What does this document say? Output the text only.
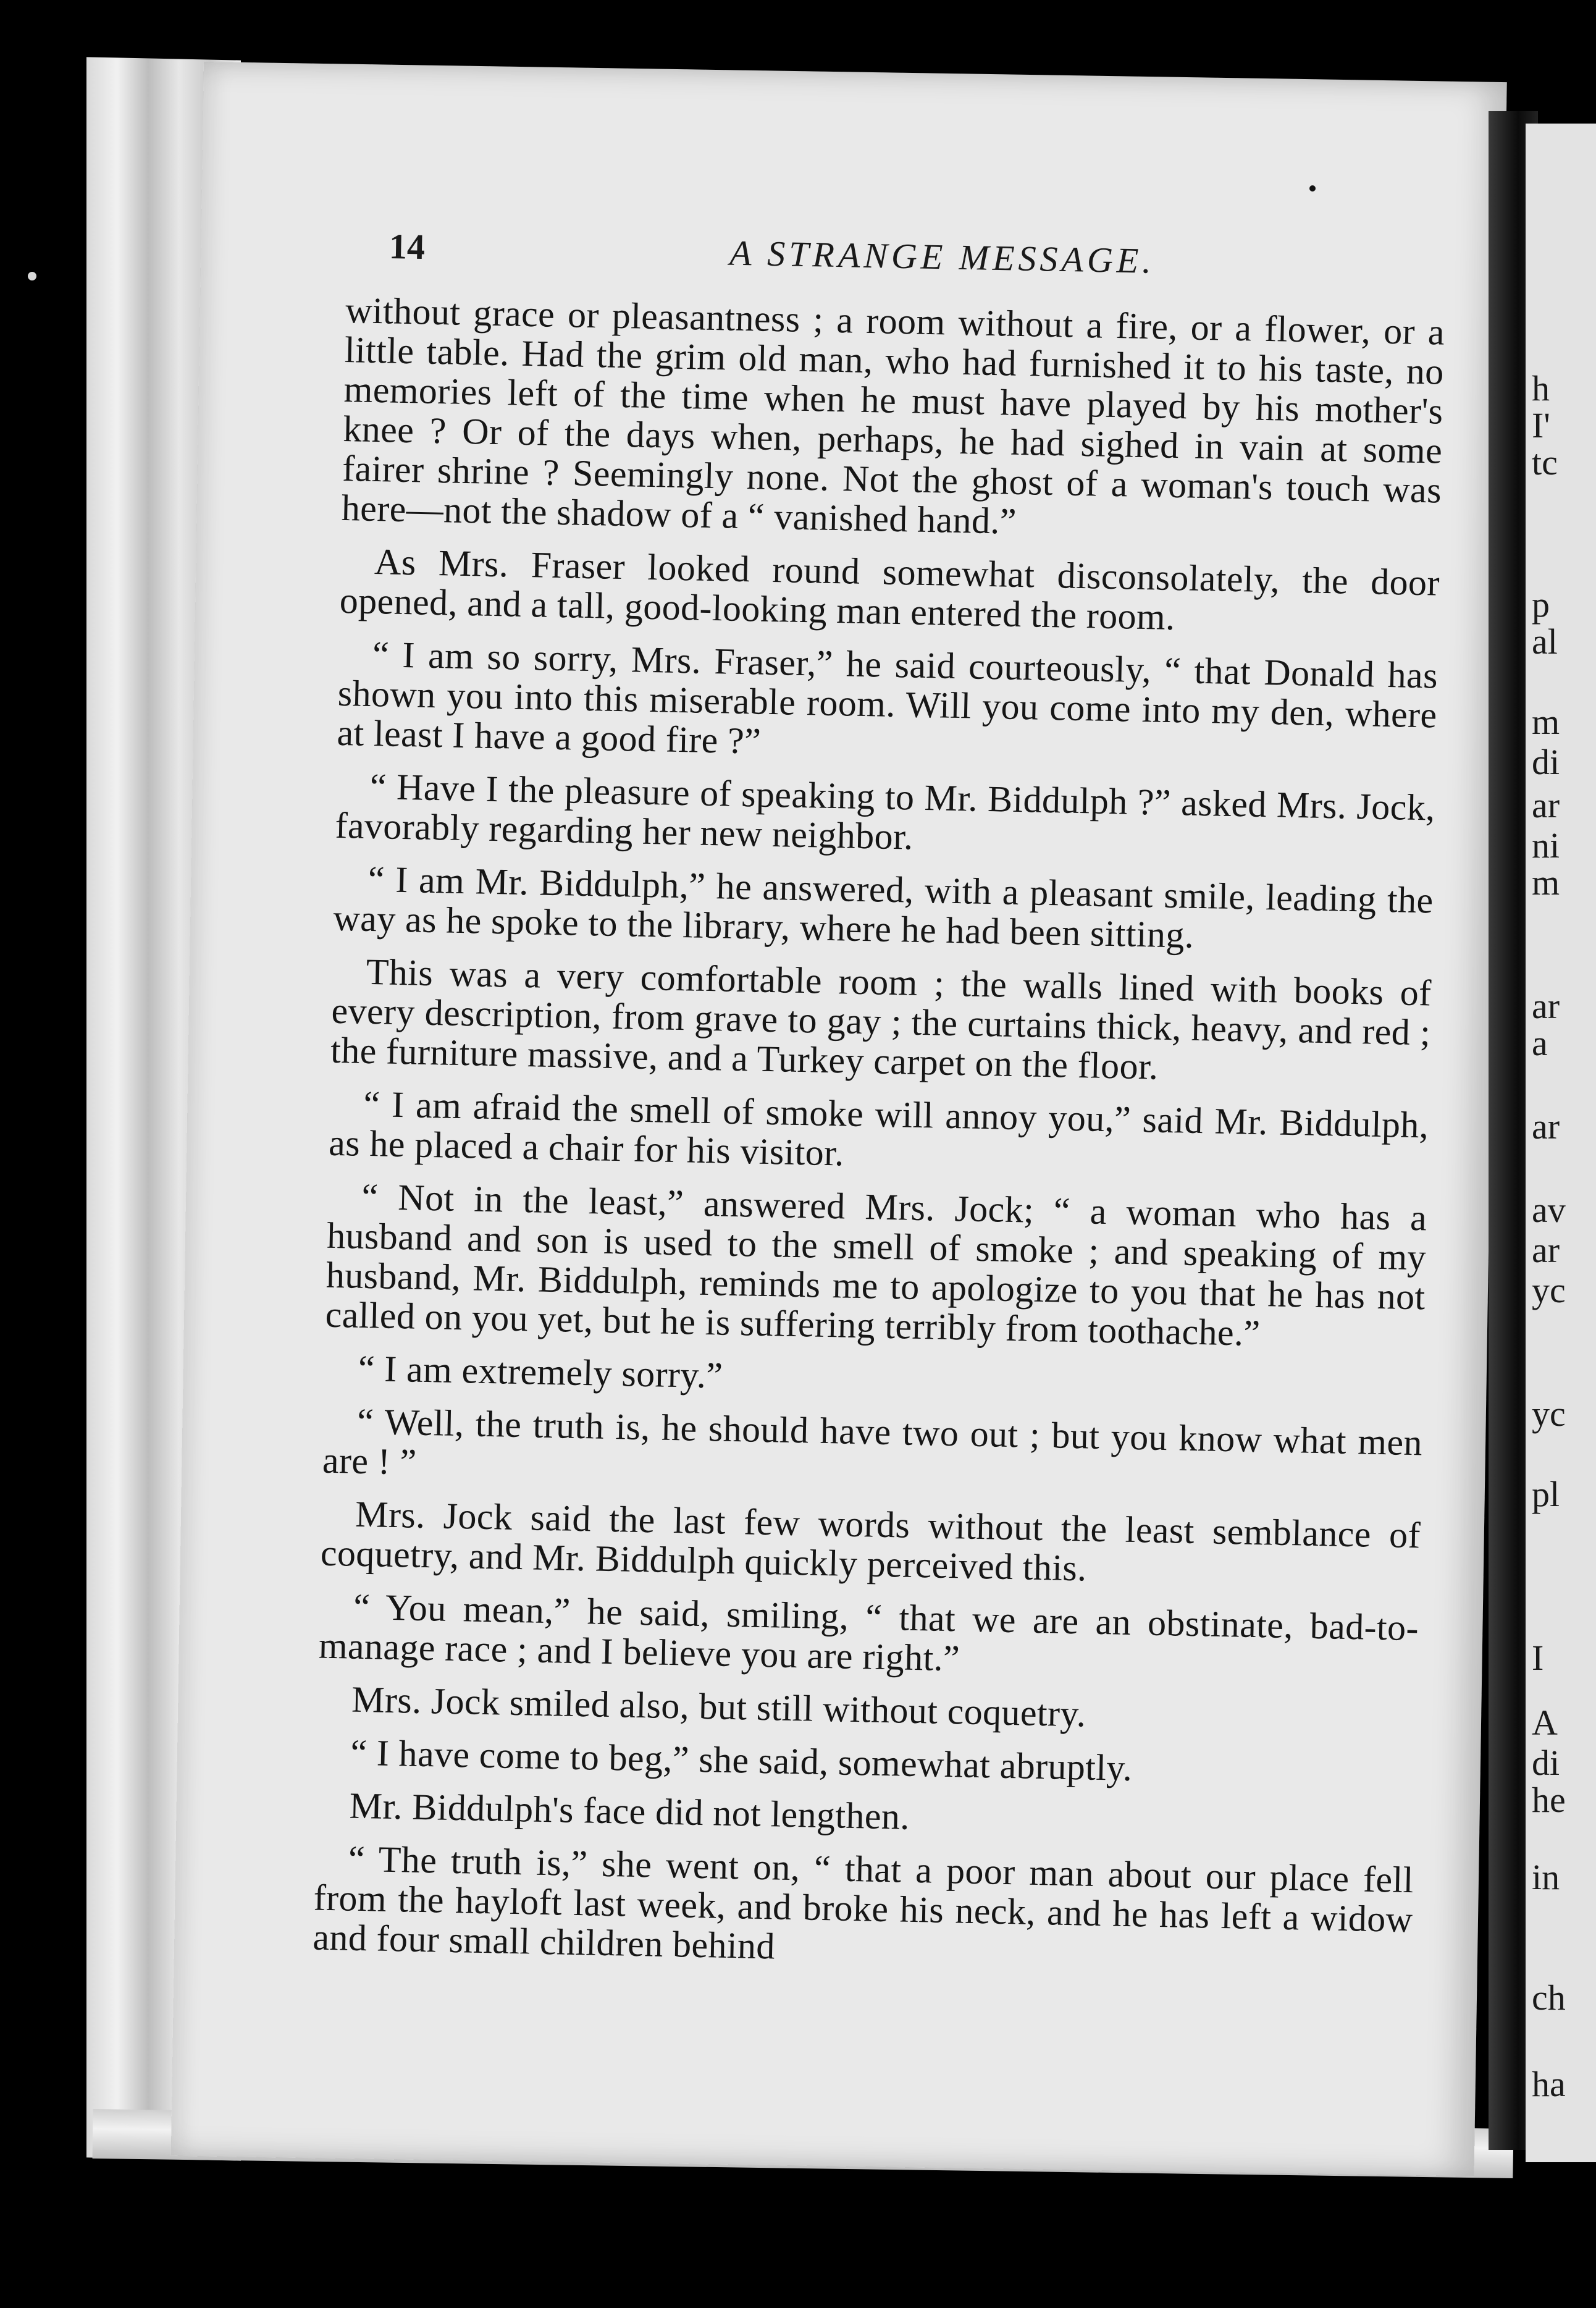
h
I'
tc
p
al
m
di
ar
ni
m
ar
a
ar
av
ar
yc
yc
pl
I
A
di
he
in
ch
ha
14	A STRANGE MESSAGE.

without grace or pleasantness ; a room without a fire, or a flower, or a little table. Had the grim old man, who had furnished it to his taste, no memories left of the time when he must have played by his mother's knee ? Or of the days when, perhaps, he had sighed in vain at some fairer shrine ? Seemingly none. Not the ghost of a woman's touch was here—not the shadow of a “ vanished hand.”

As Mrs. Fraser looked round somewhat disconsolately, the door opened, and a tall, good-looking man entered the room.

“ I am so sorry, Mrs. Fraser,” he said courteously, “ that Donald has shown you into this miserable room. Will you come into my den, where at least I have a good fire ?”

“ Have I the pleasure of speaking to Mr. Biddulph ?” asked Mrs. Jock, favorably regarding her new neighbor.

“ I am Mr. Biddulph,” he answered, with a pleasant smile, leading the way as he spoke to the library, where he had been sitting.

This was a very comfortable room ; the walls lined with books of every description, from grave to gay ; the curtains thick, heavy, and red ; the furniture massive, and a Turkey carpet on the floor.

“ I am afraid the smell of smoke will annoy you,” said Mr. Biddulph, as he placed a chair for his visitor.

“ Not in the least,” answered Mrs. Jock; “ a woman who has a husband and son is used to the smell of smoke ; and speaking of my husband, Mr. Biddulph, reminds me to apologize to you that he has not called on you yet, but he is suffering terribly from toothache.”

“ I am extremely sorry.”

“ Well, the truth is, he should have two out ; but you know what men are ! ”

Mrs. Jock said the last few words without the least semblance of coquetry, and Mr. Biddulph quickly perceived this.

“ You mean,” he said, smiling, “ that we are an obstinate, bad-to-manage race ; and I believe you are right.”

Mrs. Jock smiled also, but still without coquetry.

“ I have come to beg,” she said, somewhat abruptly.

Mr. Biddulph's face did not lengthen.

“ The truth is,” she went on, “ that a poor man about our place fell from the hayloft last week, and broke his neck, and he has left a widow and four small children behind
